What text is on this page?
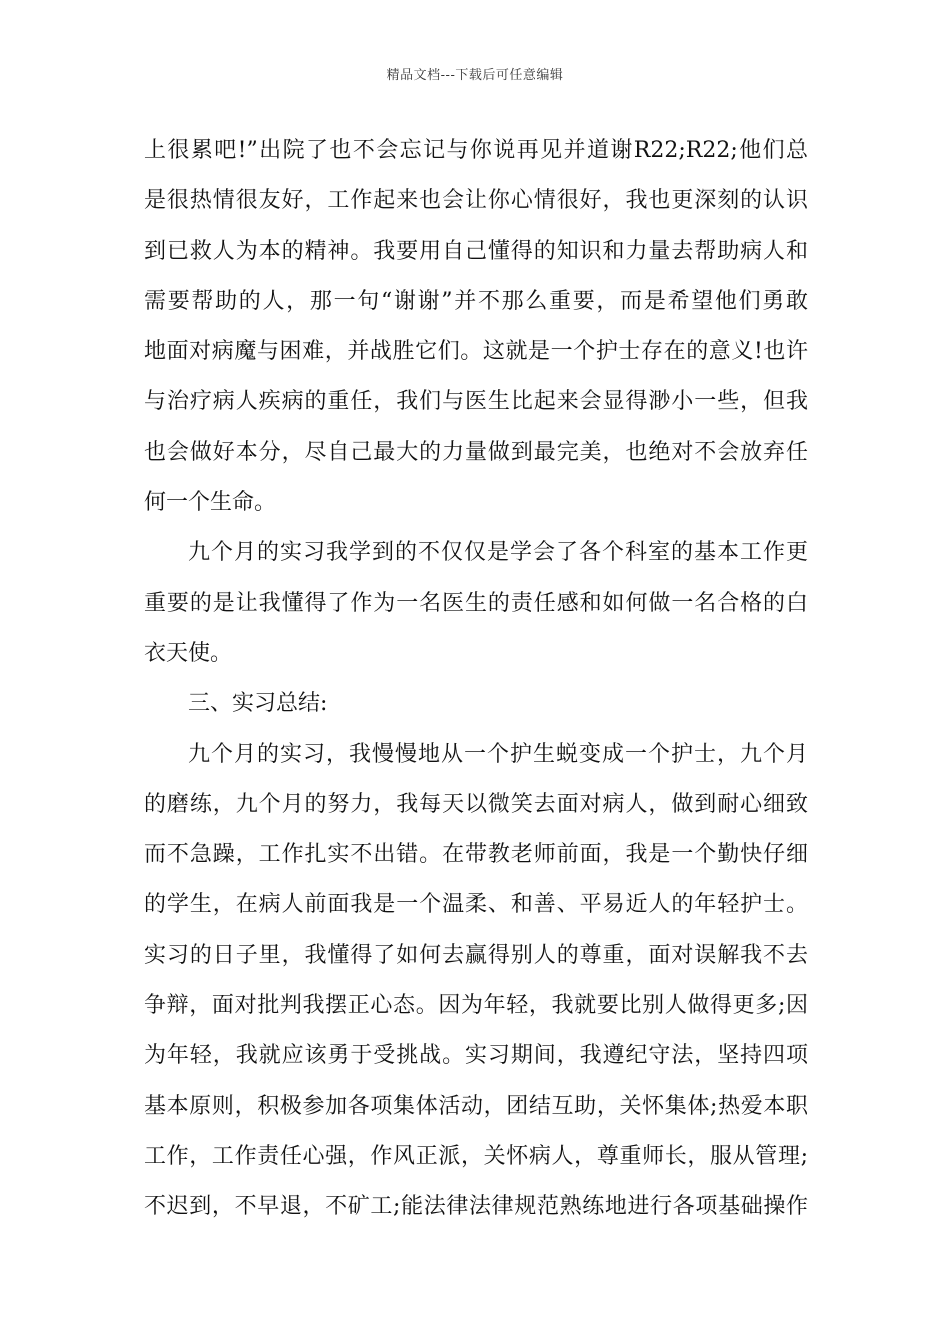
精品文档---下载后可任意编辑
上很累吧!”出院了也不会忘记与你说再见并道谢R22;R22;他们总
是很热情很友好，工作起来也会让你心情很好，我也更深刻的认识
到已救人为本的精神。我要用自己懂得的知识和力量去帮助病人和
需要帮助的人，那一句“谢谢”并不那么重要，而是希望他们勇敢
地面对病魔与困难，并战胜它们。这就是一个护士存在的意义!也许
与治疗病人疾病的重任，我们与医生比起来会显得渺小一些，但我
也会做好本分，尽自己最大的力量做到最完美，也绝对不会放弃任
何一个生命。
九个月的实习我学到的不仅仅是学会了各个科室的基本工作更
重要的是让我懂得了作为一名医生的责任感和如何做一名合格的白
衣天使。
三、实习总结:
九个月的实习，我慢慢地从一个护生蜕变成一个护士，九个月
的磨练，九个月的努力，我每天以微笑去面对病人，做到耐心细致
而不急躁，工作扎实不出错。在带教老师前面，我是一个勤快仔细
的学生，在病人前面我是一个温柔、和善、平易近人的年轻护士。
实习的日子里，我懂得了如何去赢得别人的尊重，面对误解我不去
争辩，面对批判我摆正心态。因为年轻，我就要比别人做得更多;因
为年轻，我就应该勇于受挑战。实习期间，我遵纪守法，坚持四项
基本原则，积极参加各项集体活动，团结互助，关怀集体;热爱本职
工作，工作责任心强，作风正派，关怀病人，尊重师长，服从管理;
不迟到，不早退，不矿工;能法律法律规范熟练地进行各项基础操作
